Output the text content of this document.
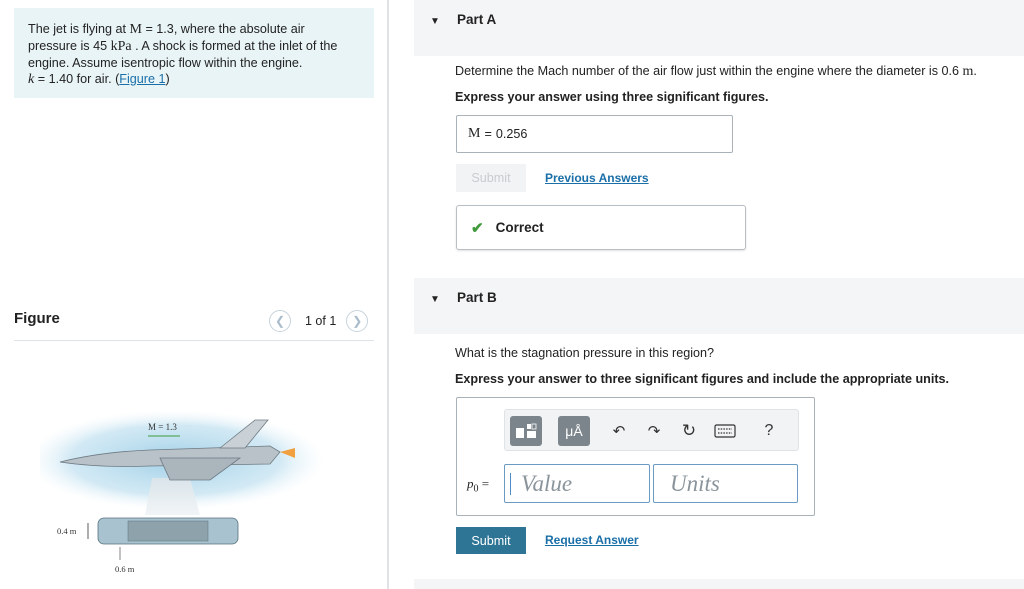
The jet is flying at M = 1.3, where the absolute air
pressure is 45 kPa . A shock is formed at the inlet of the
engine. Assume isentropic flow within the engine.
k = 1.40 for air. (Figure 1)
Figure	❮ 1 of 1 ❯
M = 1.3
0.4 m
0.6 m
▼ Part A
Determine the Mach number of the air flow just within the engine where the diameter is 0.6 m.
Express your answer using three significant figures.
M = 0.256
Submit	Previous Answers
✔ Correct
▼ Part B
What is the stagnation pressure in this region?
Express your answer to three significant figures and include the appropriate units.
μÅ	↶	↷	↻	?
$p_0$ = Value	Units
Submit	Request Answer
